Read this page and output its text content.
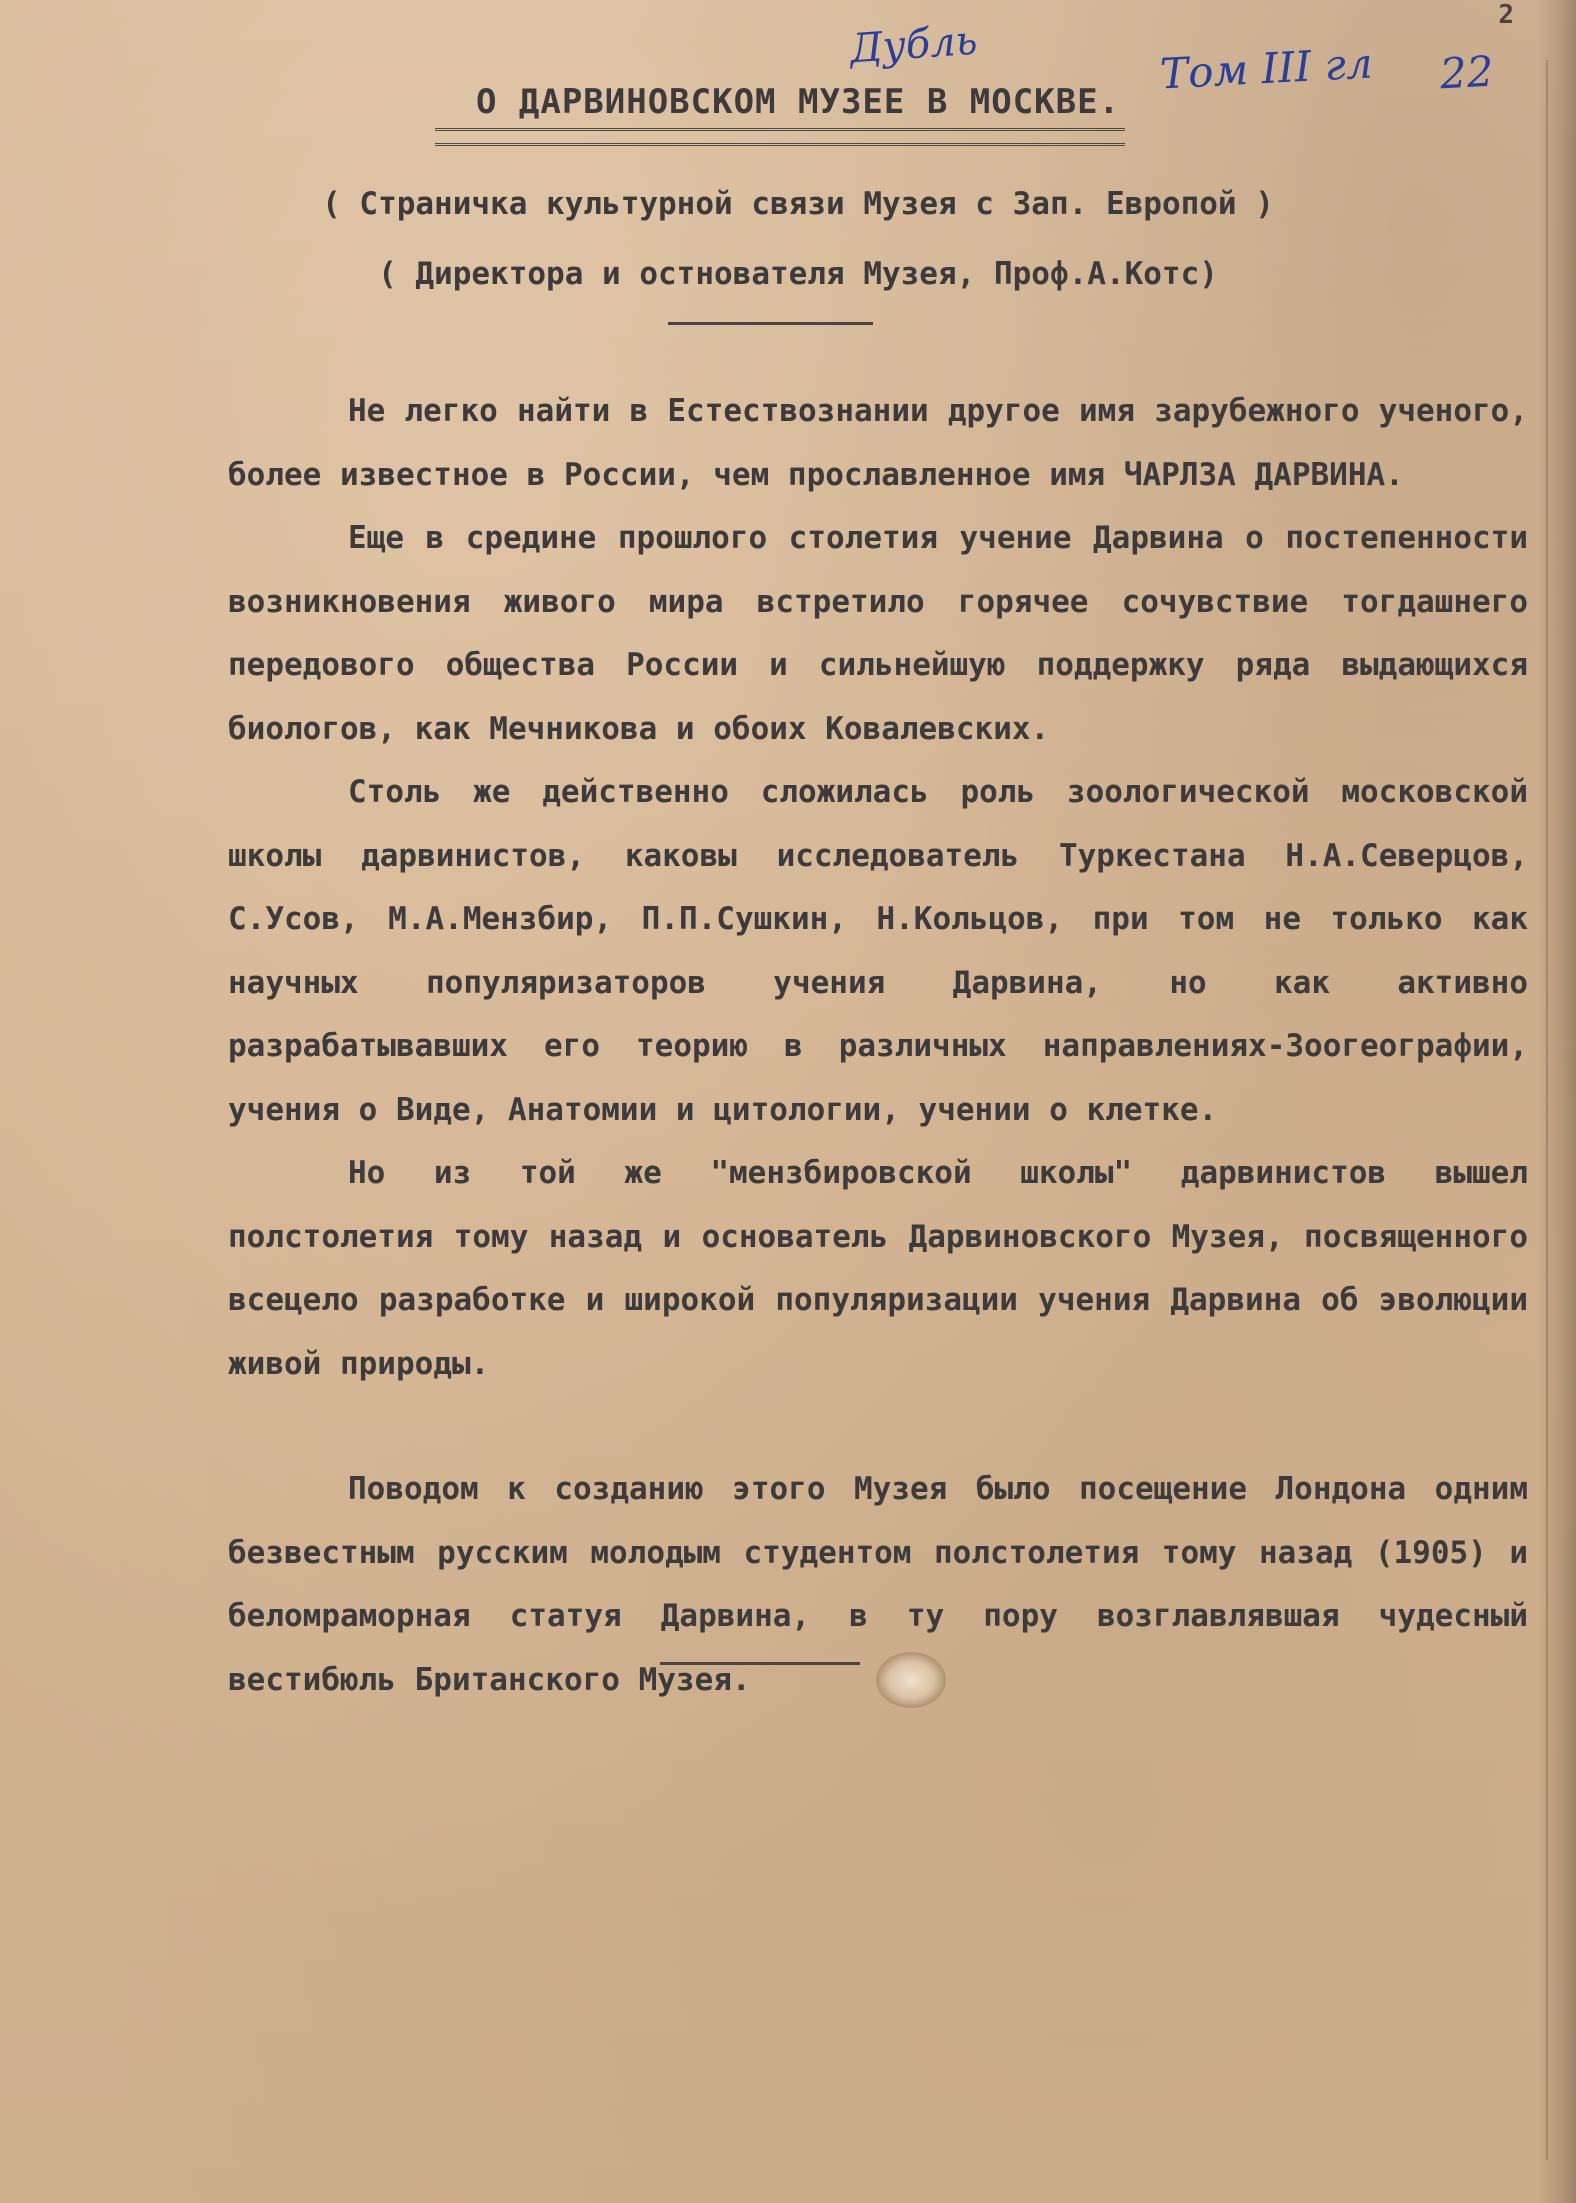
2
Дубль	Том III гл 22
О ДАРВИНОВСКОМ МУЗЕЕ В МОСКВЕ.
( Страничка культурной связи Музея с Зап. Европой )
( Директора и остнователя Музея, Проф.А.Котс)

Не легко найти в Естествознании другое имя зарубежного ученого, более известное в России, чем прославленное имя ЧАРЛЗА ДАРВИНА.

Еще в средине прошлого столетия учение Дарвина о постепенности возникновения живого мира встретило горячее сочувствие тогдашнего передового общества России и сильнейшую поддержку ряда выдающихся биологов, как Мечникова и обоих Ковалевских.

Столь же действенно сложилась роль зоологической московской школы дарвинистов, каковы исследователь Туркестана Н.А.Северцов, С.Усов, М.А.Мензбир, П.П.Сушкин, Н.Кольцов, при том не только как научных популяризаторов учения Дарвина, но как активно разрабатывавших его теорию в различных направлениях-Зоогеографии, учения о Виде, Анатомии и цитологии, учении о клетке.

Но из той же "мензбировской школы" дарвинистов вышел полстолетия тому назад и основатель Дарвиновского Музея, посвященного всецело разработке и широкой популяризации учения Дарвина об эволюции живой природы.

Поводом к созданию этого Музея было посещение Лондона одним безвестным русским молодым студентом полстолетия тому назад (1905) и беломраморная статуя Дарвина, в ту пору возглавлявшая чудесный вестибюль Британского Музея.
